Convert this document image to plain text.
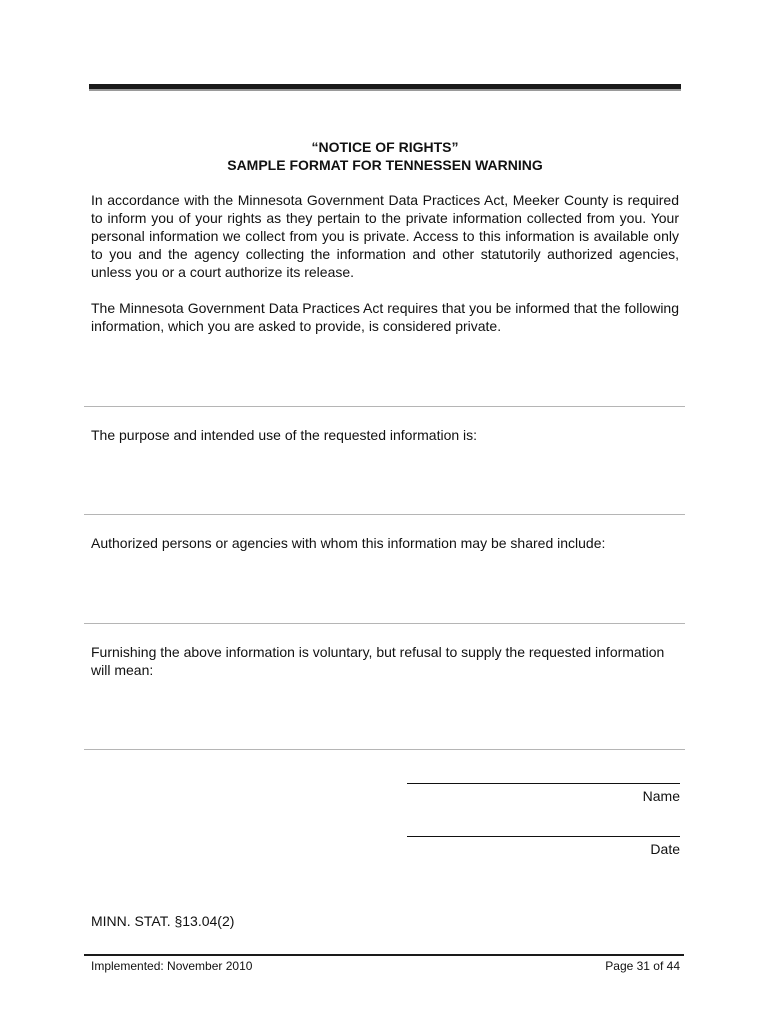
“NOTICE OF RIGHTS”

SAMPLE FORMAT FOR TENNESSEN WARNING

In accordance with the Minnesota Government Data Practices Act, Meeker County is required to inform you of your rights as they pertain to the private information collected from you. Your personal information we collect from you is private. Access to this information is available only to you and the agency collecting the information and other statutorily authorized agencies, unless you or a court authorize its release.

The Minnesota Government Data Practices Act requires that you be informed that the following information, which you are asked to provide, is considered private.

The purpose and intended use of the requested information is:

Authorized persons or agencies with whom this information may be shared include:

Furnishing the above information is voluntary, but refusal to supply the requested information will mean:

Name
Date
MINN. STAT. §13.04(2)
Implemented: November 2010	Page 31 of 44
